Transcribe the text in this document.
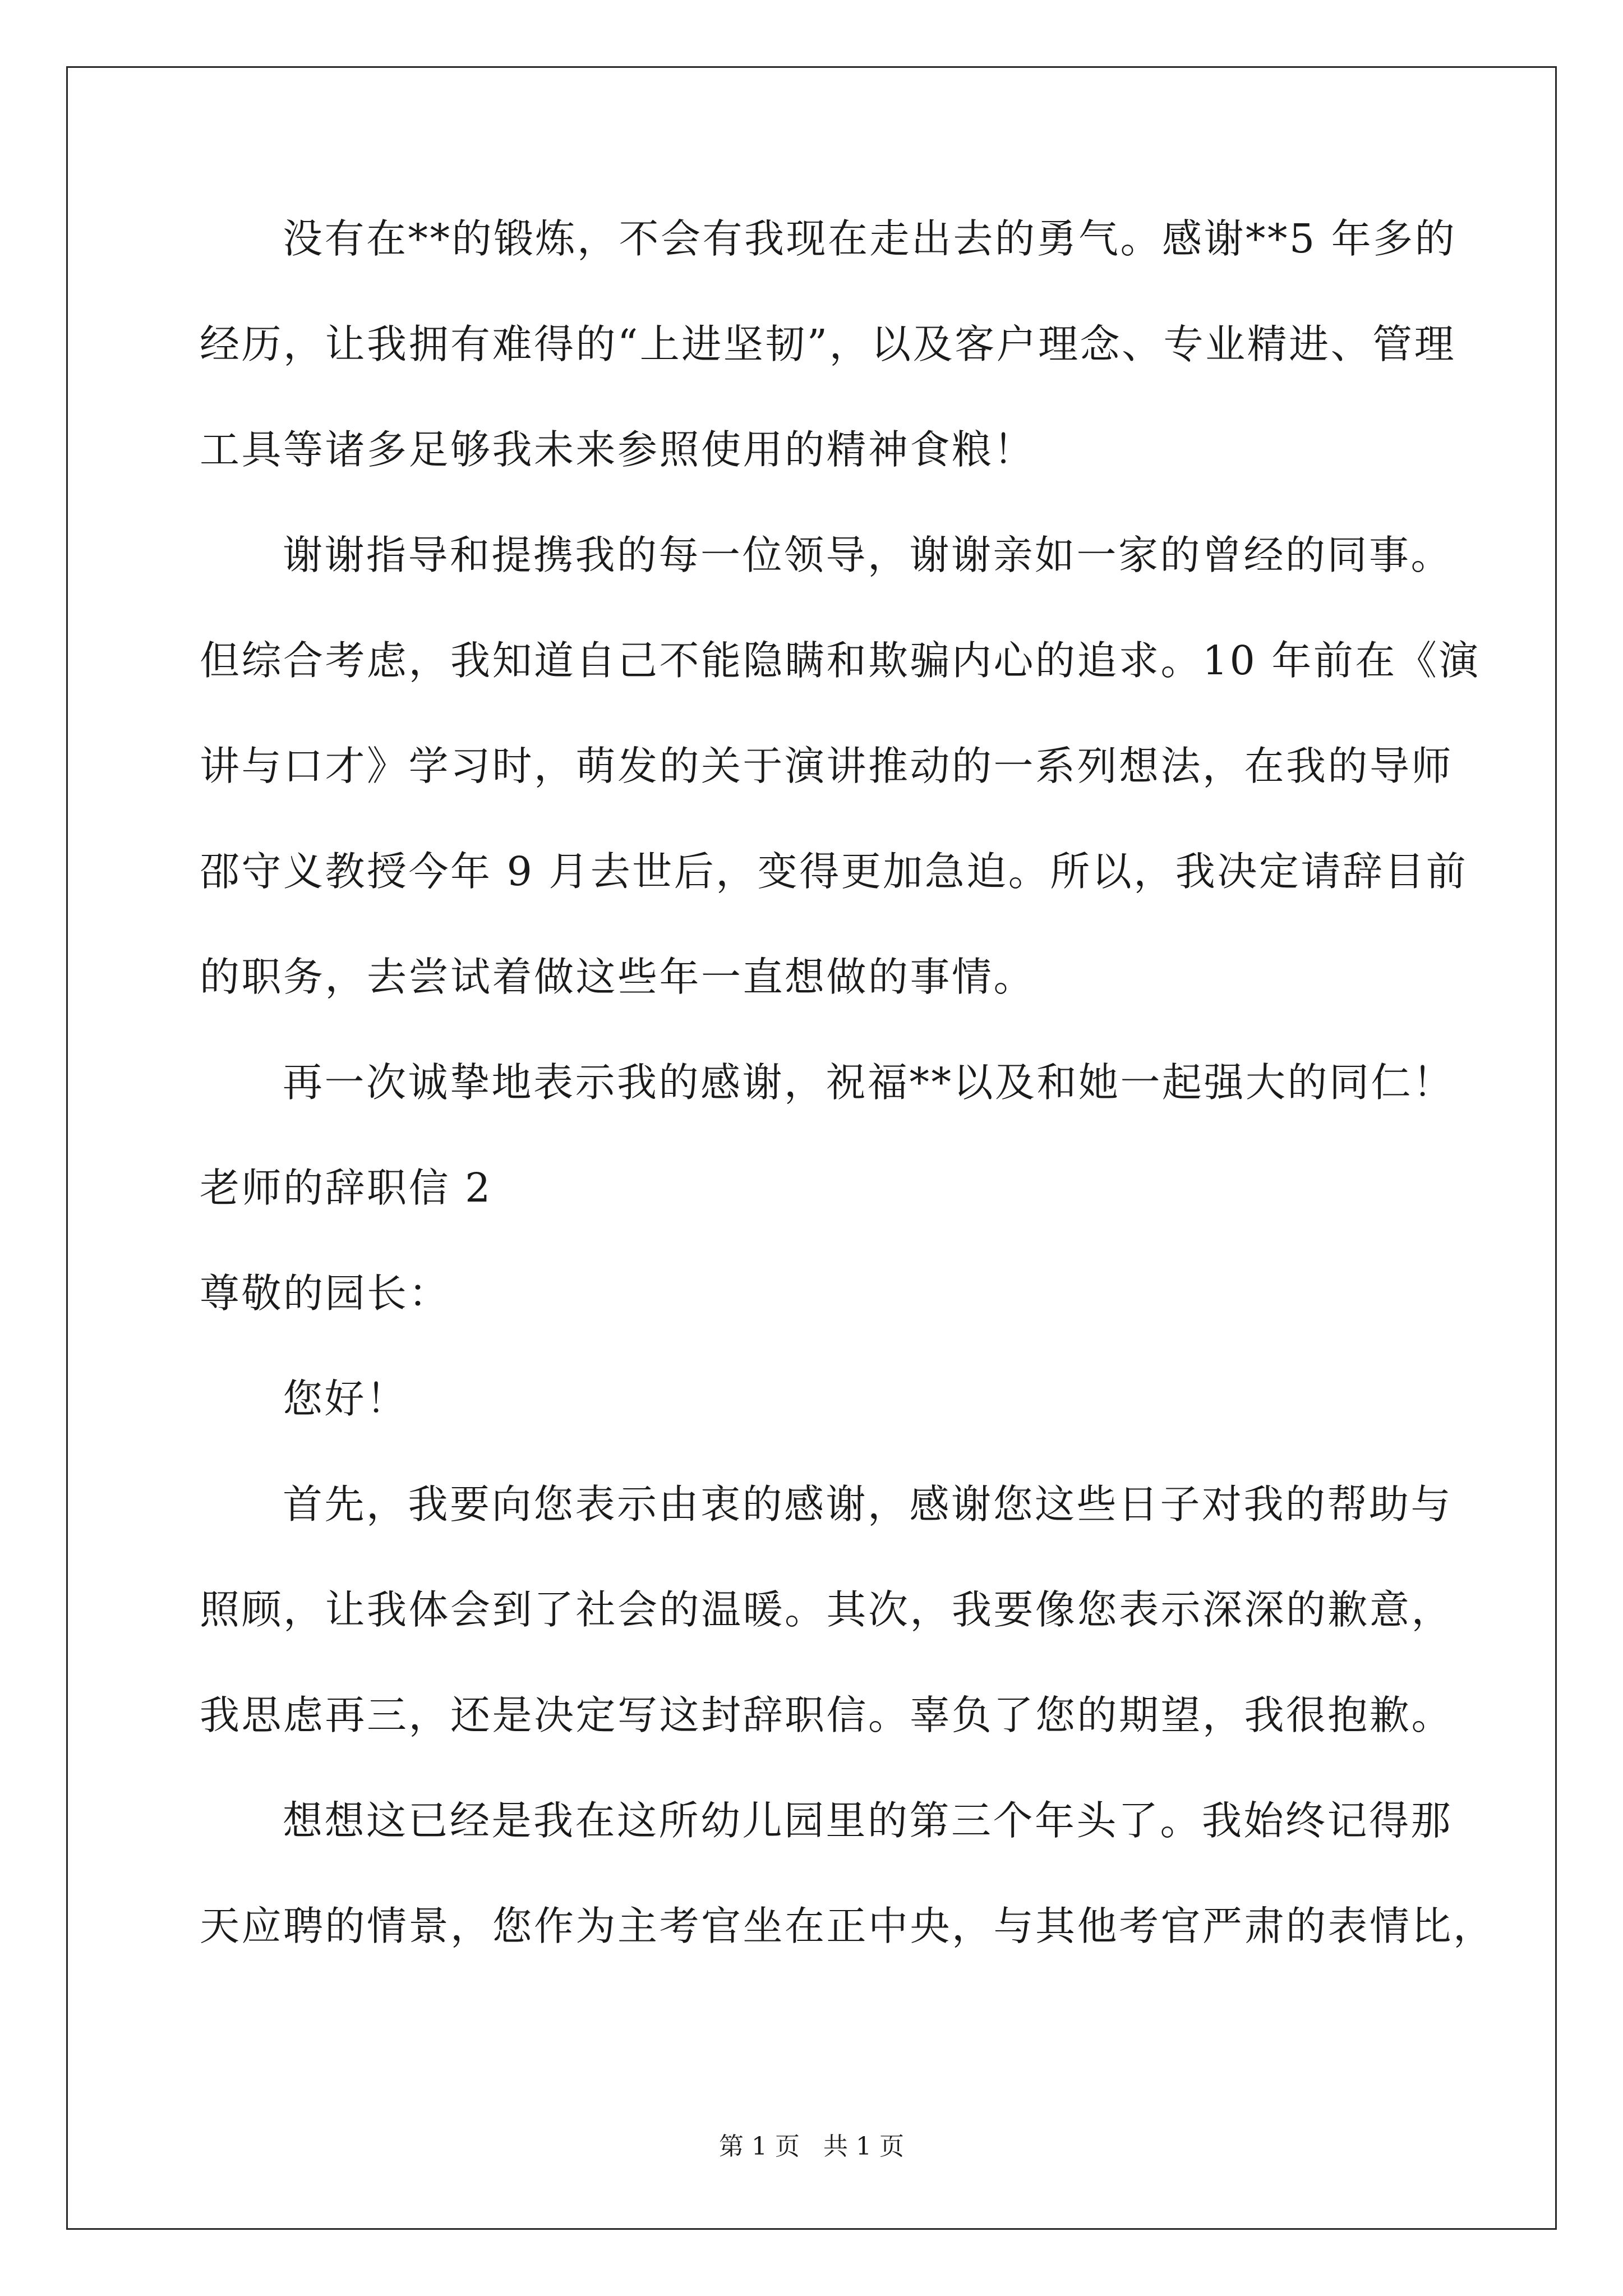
没有在**的锻炼，不会有我现在走出去的勇气。感谢**5 年多的
经历，让我拥有难得的“上进坚韧”，以及客户理念、专业精进、管理
工具等诸多足够我未来参照使用的精神食粮！
谢谢指导和提携我的每一位领导，谢谢亲如一家的曾经的同事。
但综合考虑，我知道自己不能隐瞒和欺骗内心的追求。10 年前在《演
讲与口才》学习时，萌发的关于演讲推动的一系列想法，在我的导师
邵守义教授今年 9 月去世后，变得更加急迫。所以，我决定请辞目前
的职务，去尝试着做这些年一直想做的事情。
再一次诚挚地表示我的感谢，祝福**以及和她一起强大的同仁！
老师的辞职信 2
尊敬的园长：
您好！
首先，我要向您表示由衷的感谢，感谢您这些日子对我的帮助与
照顾，让我体会到了社会的温暖。其次，我要像您表示深深的歉意，
我思虑再三，还是决定写这封辞职信。辜负了您的期望，我很抱歉。
想想这已经是我在这所幼儿园里的第三个年头了。我始终记得那
天应聘的情景，您作为主考官坐在正中央，与其他考官严肃的表情比，
第 1 页   共 1 页
